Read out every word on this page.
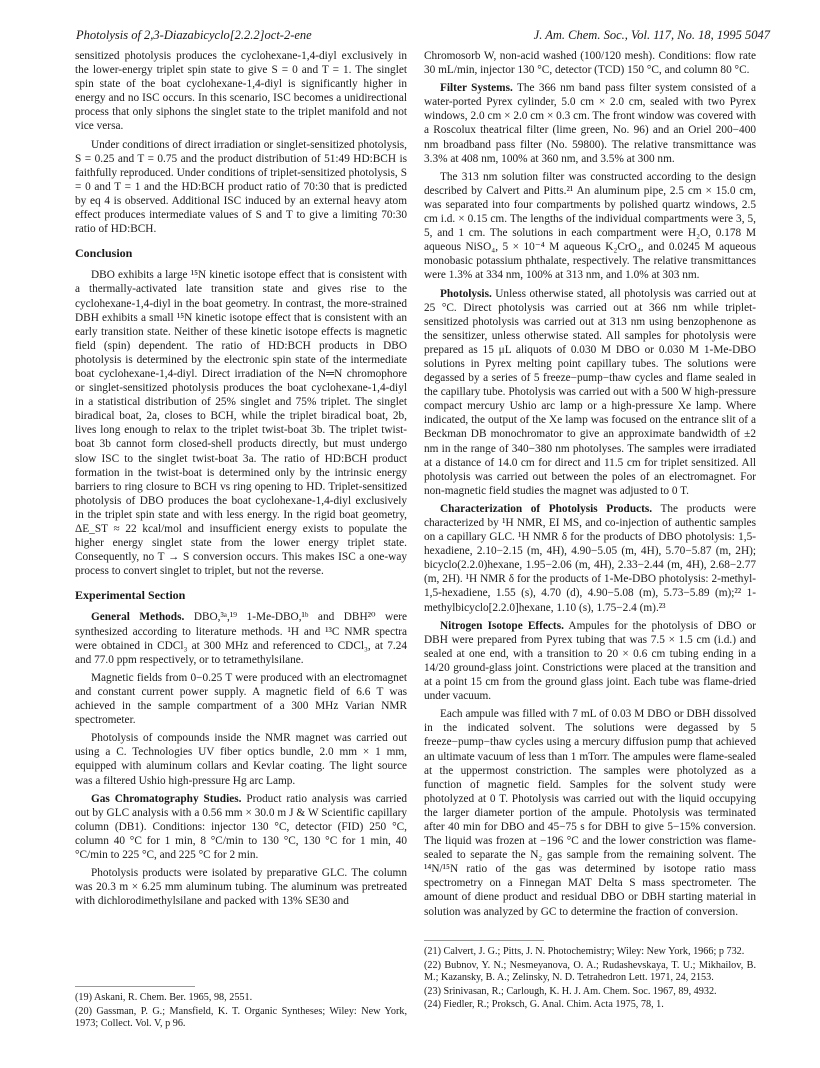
Photolysis of 2,3-Diazabicyclo[2.2.2]oct-2-ene	J. Am. Chem. Soc., Vol. 117, No. 18, 1995 5047

sensitized photolysis produces the cyclohexane-1,4-diyl exclusively in the lower-energy triplet spin state to give S = 0 and T = 1. The singlet spin state of the boat cyclohexane-1,4-diyl is significantly higher in energy and no ISC occurs. In this scenario, ISC becomes a unidirectional process that only siphons the singlet state to the triplet manifold and not vice versa.

Under conditions of direct irradiation or singlet-sensitized photolysis, S = 0.25 and T = 0.75 and the product distribution of 51:49 HD:BCH is faithfully reproduced. Under conditions of triplet-sensitized photolysis, S = 0 and T = 1 and the HD:BCH product ratio of 70:30 that is predicted by eq 4 is observed. Additional ISC induced by an external heavy atom effect produces intermediate values of S and T to give a limiting 70:30 ratio of HD:BCH.

Conclusion

DBO exhibits a large ¹⁵N kinetic isotope effect that is consistent with a thermally-activated late transition state and gives rise to the cyclohexane-1,4-diyl in the boat geometry. In contrast, the more-strained DBH exhibits a small ¹⁵N kinetic isotope effect that is consistent with an early transition state. Neither of these kinetic isotope effects is magnetic field (spin) dependent. The ratio of HD:BCH products in DBO photolysis is determined by the electronic spin state of the intermediate boat cyclohexane-1,4-diyl. Direct irradiation of the N═N chromophore or singlet-sensitized photolysis produces the boat cyclohexane-1,4-diyl in a statistical distribution of 25% singlet and 75% triplet. The singlet biradical boat, 2a, closes to BCH, while the triplet biradical boat, 2b, lives long enough to relax to the triplet twist-boat 3b. The triplet twist-boat 3b cannot form closed-shell products directly, but must undergo slow ISC to the singlet twist-boat 3a. The ratio of HD:BCH product formation in the twist-boat is determined only by the intrinsic energy barriers to ring closure to BCH vs ring opening to HD. Triplet-sensitized photolysis of DBO produces the boat cyclohexane-1,4-diyl exclusively in the triplet spin state and with less energy. In the rigid boat geometry, ΔE_ST ≈ 22 kcal/mol and insufficient energy exists to populate the higher energy singlet state from the lower energy triplet state. Consequently, no T → S conversion occurs. This makes ISC a one-way process to convert singlet to triplet, but not the reverse.

Experimental Section

General Methods. DBO,³ᵃ,¹⁹ 1-Me-DBO,¹ᵇ and DBH²⁰ were synthesized according to literature methods. ¹H and ¹³C NMR spectra were obtained in CDCl₃ at 300 MHz and referenced to CDCl₃, at 7.24 and 77.0 ppm respectively, or to tetramethylsilane.

Magnetic fields from 0−0.25 T were produced with an electromagnet and constant current power supply. A magnetic field of 6.6 T was achieved in the sample compartment of a 300 MHz Varian NMR spectrometer.

Photolysis of compounds inside the NMR magnet was carried out using a C. Technologies UV fiber optics bundle, 2.0 mm × 1 mm, equipped with aluminum collars and Kevlar coating. The light source was a filtered Ushio high-pressure Hg arc Lamp.

Gas Chromatography Studies. Product ratio analysis was carried out by GLC analysis with a 0.56 mm × 30.0 m J & W Scientific capillary column (DB1). Conditions: injector 130 °C, detector (FID) 250 °C, column 40 °C for 1 min, 8 °C/min to 130 °C, 130 °C for 1 min, 40 °C/min to 225 °C, and 225 °C for 2 min.

Photolysis products were isolated by preparative GLC. The column was 20.3 m × 6.25 mm aluminum tubing. The aluminum was pretreated with dichlorodimethylsilane and packed with 13% SE30 and

(19) Askani, R. Chem. Ber. 1965, 98, 2551.

(20) Gassman, P. G.; Mansfield, K. T. Organic Syntheses; Wiley: New York, 1973; Collect. Vol. V, p 96.

Chromosorb W, non-acid washed (100/120 mesh). Conditions: flow rate 30 mL/min, injector 130 °C, detector (TCD) 150 °C, and column 80 °C.

Filter Systems. The 366 nm band pass filter system consisted of a water-ported Pyrex cylinder, 5.0 cm × 2.0 cm, sealed with two Pyrex windows, 2.0 cm × 2.0 cm × 0.3 cm. The front window was covered with a Roscolux theatrical filter (lime green, No. 96) and an Oriel 200−400 nm broadband pass filter (No. 59800). The relative transmittance was 3.3% at 408 nm, 100% at 360 nm, and 3.5% at 300 nm.

The 313 nm solution filter was constructed according to the design described by Calvert and Pitts.²¹ An aluminum pipe, 2.5 cm × 15.0 cm, was separated into four compartments by polished quartz windows, 2.5 cm i.d. × 0.15 cm. The lengths of the individual compartments were 3, 5, 5, and 1 cm. The solutions in each compartment were H₂O, 0.178 M aqueous NiSO₄, 5 × 10⁻⁴ M aqueous K₂CrO₄, and 0.0245 M aqueous monobasic potassium phthalate, respectively. The relative transmittances were 1.3% at 334 nm, 100% at 313 nm, and 1.0% at 303 nm.

Photolysis. Unless otherwise stated, all photolysis was carried out at 25 °C. Direct photolysis was carried out at 366 nm while triplet-sensitized photolysis was carried out at 313 nm using benzophenone as the sensitizer, unless otherwise stated. All samples for photolysis were prepared as 15 μL aliquots of 0.030 M DBO or 0.030 M 1-Me-DBO solutions in Pyrex melting point capillary tubes. The solutions were degassed by a series of 5 freeze−pump−thaw cycles and flame sealed in the capillary tube. Photolysis was carried out with a 500 W high-pressure compact mercury Ushio arc lamp or a high-pressure Xe lamp. Where indicated, the output of the Xe lamp was focused on the entrance slit of a Beckman DB monochromator to give an approximate bandwidth of ±2 nm in the range of 340−380 nm photolyses. The samples were irradiated at a distance of 14.0 cm for direct and 11.5 cm for triplet sensitized. All photolysis was carried out between the poles of an electromagnet. For non-magnetic field studies the magnet was adjusted to 0 T.

Characterization of Photolysis Products. The products were characterized by ¹H NMR, EI MS, and co-injection of authentic samples on a capillary GLC. ¹H NMR δ for the products of DBO photolysis: 1,5-hexadiene, 2.10−2.15 (m, 4H), 4.90−5.05 (m, 4H), 5.70−5.87 (m, 2H); bicyclo(2.2.0)hexane, 1.95−2.06 (m, 4H), 2.33−2.44 (m, 4H), 2.68−2.77 (m, 2H). ¹H NMR δ for the products of 1-Me-DBO photolysis: 2-methyl-1,5-hexadiene, 1.55 (s), 4.70 (d), 4.90−5.08 (m), 5.73−5.89 (m);²² 1-methylbicyclo[2.2.0]hexane, 1.10 (s), 1.75−2.4 (m).²³

Nitrogen Isotope Effects. Ampules for the photolysis of DBO or DBH were prepared from Pyrex tubing that was 7.5 × 1.5 cm (i.d.) and sealed at one end, with a transition to 20 × 0.6 cm tubing ending in a 14/20 ground-glass joint. Constrictions were placed at the transition and at a point 15 cm from the ground glass joint. Each tube was flame-dried under vacuum.

Each ampule was filled with 7 mL of 0.03 M DBO or DBH dissolved in the indicated solvent. The solutions were degassed by 5 freeze−pump−thaw cycles using a mercury diffusion pump that achieved an ultimate vacuum of less than 1 mTorr. The ampules were flame-sealed at the uppermost constriction. The samples were photolyzed as a function of magnetic field. Samples for the solvent study were photolyzed at 0 T. Photolysis was carried out with the liquid occupying the larger diameter portion of the ampule. Photolysis was terminated after 40 min for DBO and 45−75 s for DBH to give 5−15% conversion. The liquid was frozen at −196 °C and the lower constriction was flame-sealed to separate the N₂ gas sample from the remaining solvent. The ¹⁴N/¹⁵N ratio of the gas was determined by isotope ratio mass spectrometry on a Finnegan MAT Delta S mass spectrometer. The amount of diene product and residual DBO or DBH starting material in solution was analyzed by GC to determine the fraction of conversion.

(21) Calvert, J. G.; Pitts, J. N. Photochemistry; Wiley: New York, 1966; p 732.

(22) Bubnov, Y. N.; Nesmeyanova, O. A.; Rudashevskaya, T. U.; Mikhailov, B. M.; Kazansky, B. A.; Zelinsky, N. D. Tetrahedron Lett. 1971, 24, 2153.

(23) Srinivasan, R.; Carlough, K. H. J. Am. Chem. Soc. 1967, 89, 4932.

(24) Fiedler, R.; Proksch, G. Anal. Chim. Acta 1975, 78, 1.
